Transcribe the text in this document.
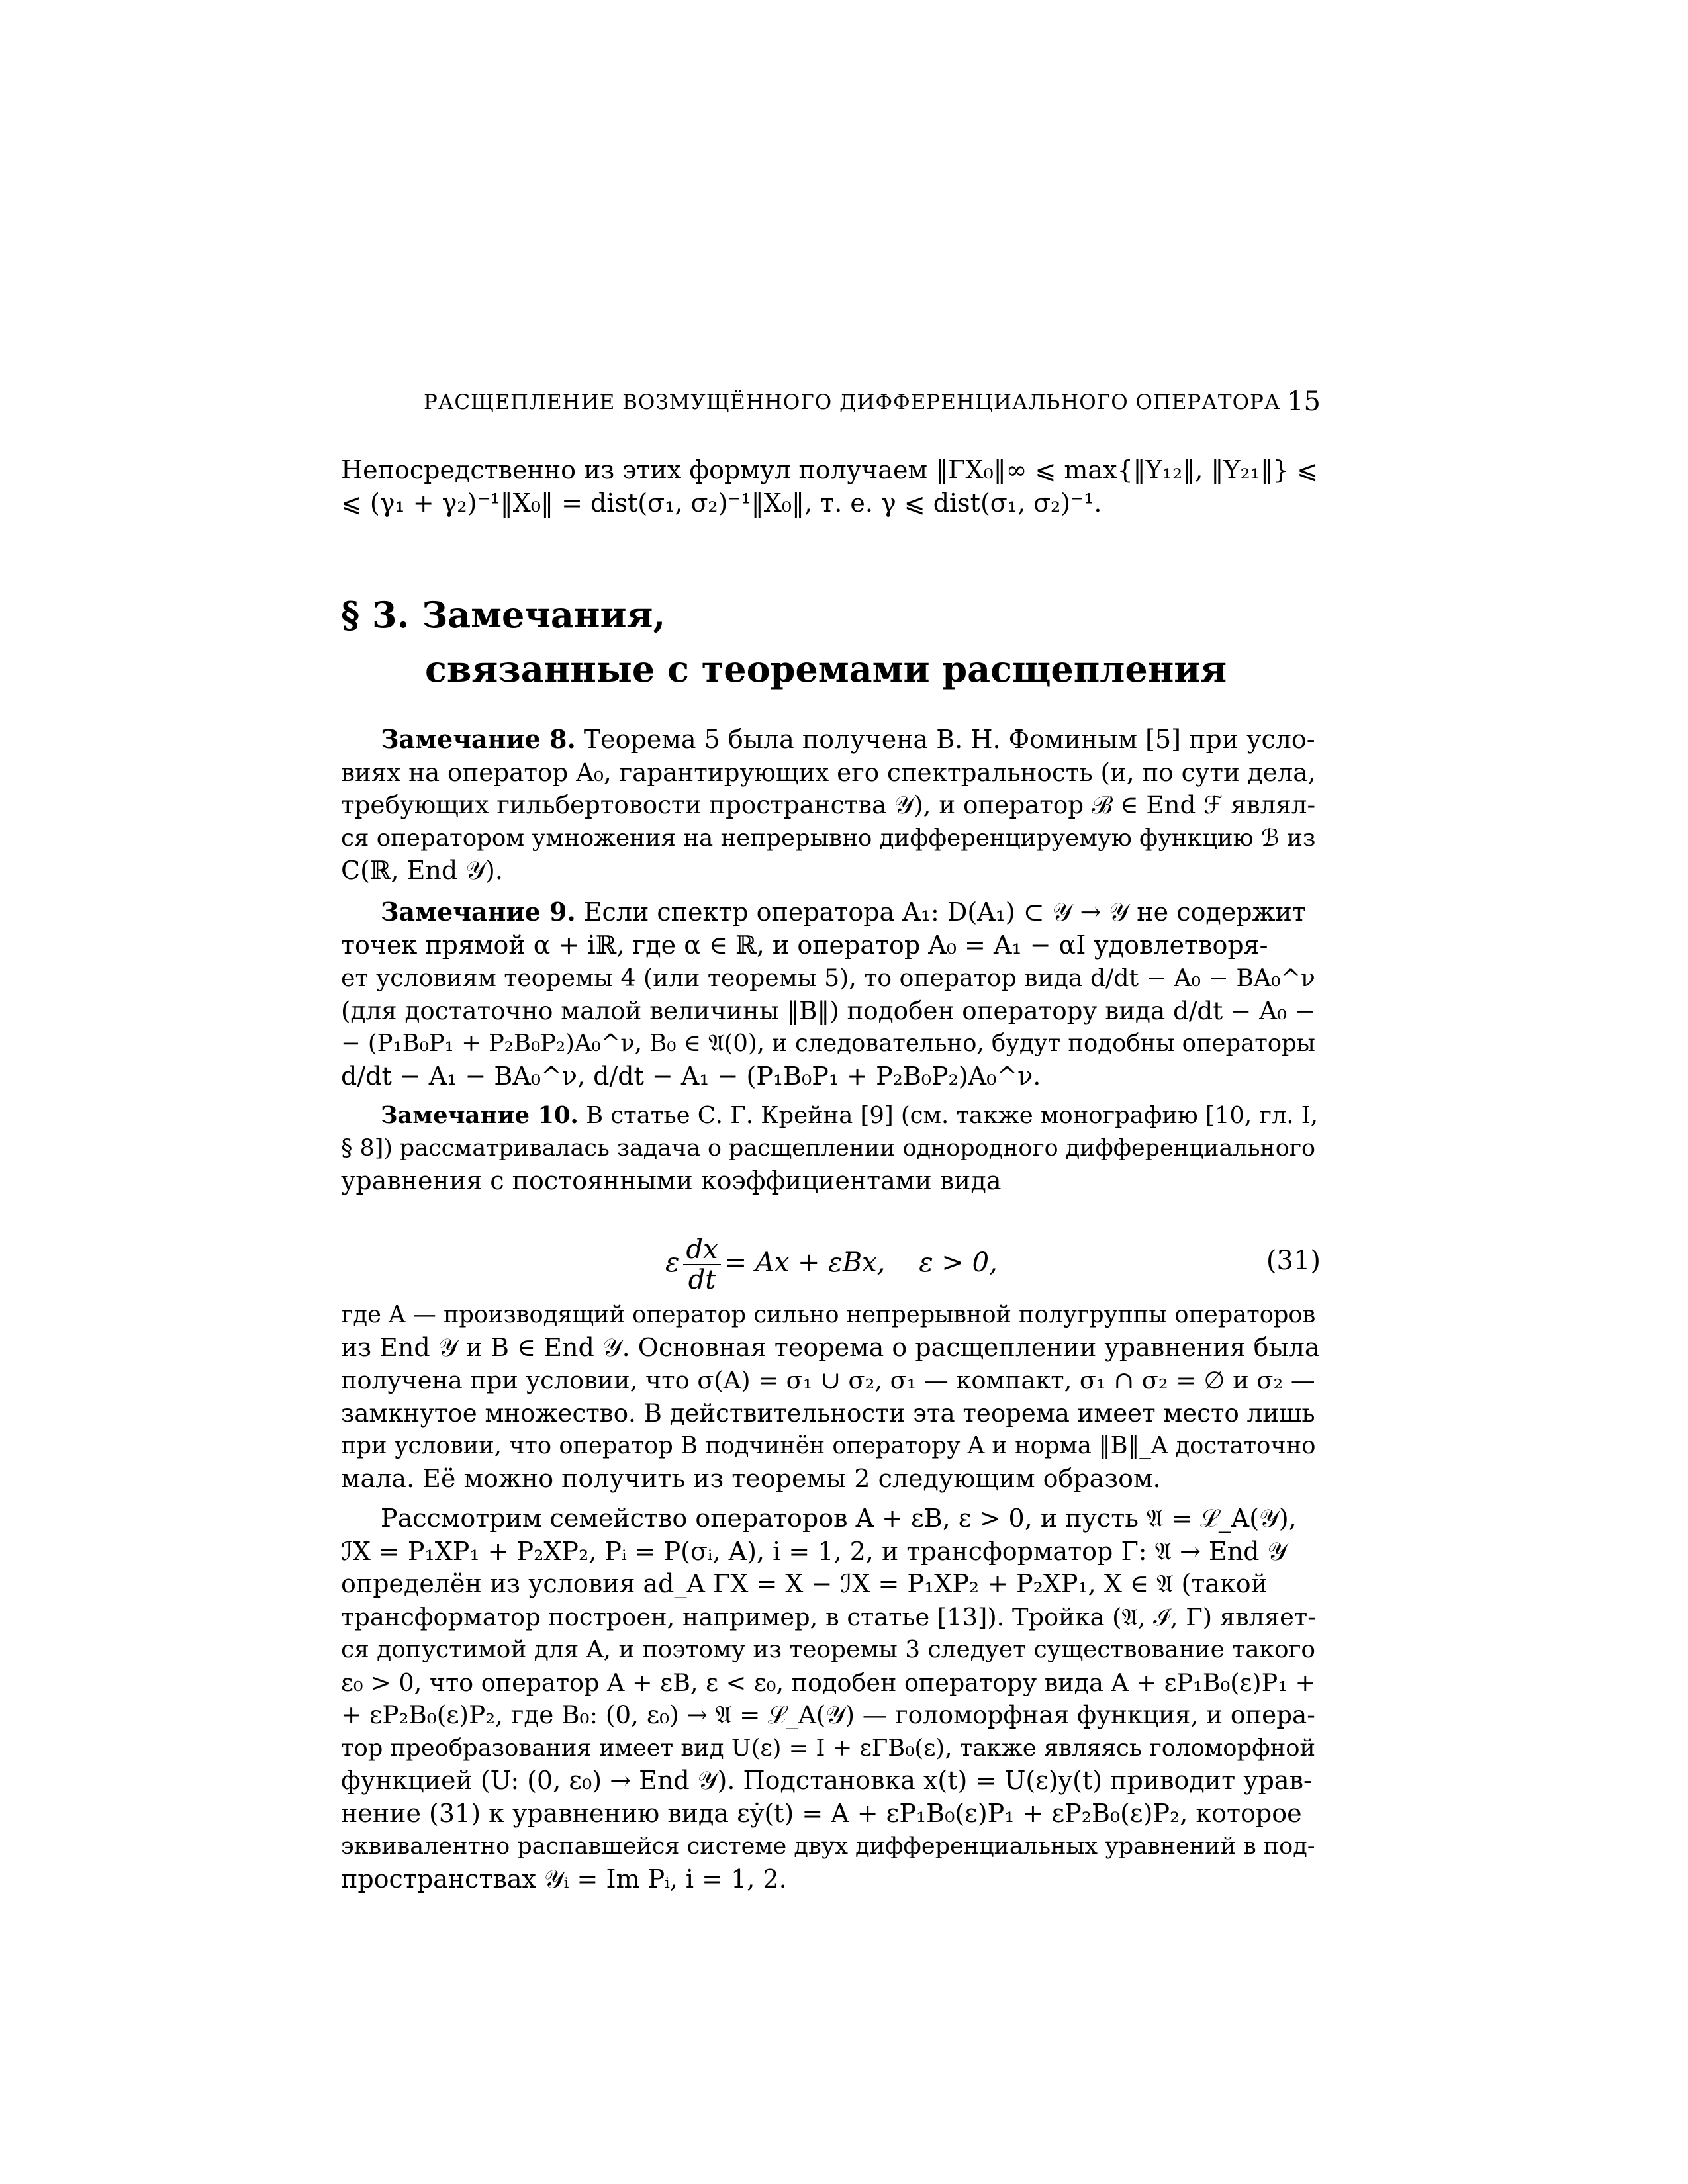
РАСЩЕПЛЕНИЕ ВОЗМУЩЁННОГО ДИФФЕРЕНЦИАЛЬНОГО ОПЕРАТОРА 15
Непосредственно из этих формул получаем ‖ΓX₀‖∞ ⩽ max{‖Y₁₂‖, ‖Y₂₁‖} ⩽
⩽ (γ₁ + γ₂)⁻¹‖X₀‖ = dist(σ₁, σ₂)⁻¹‖X₀‖, т. е. γ ⩽ dist(σ₁, σ₂)⁻¹.
§ 3. Замечания,
связанные с теоремами расщепления
Замечание 8. Теорема 5 была получена В. Н. Фоминым [5] при усло-
виях на оператор A₀, гарантирующих его спектральность (и, по сути дела,
требующих гильбертовости пространства 𝒴), и оператор ℬ ∈ End ℱ являл-
ся оператором умножения на непрерывно дифференцируемую функцию ℬ из
C(ℝ, End 𝒴).
Замечание 9. Если спектр оператора A₁: D(A₁) ⊂ 𝒴 → 𝒴 не содержит
точек прямой α + iℝ, где α ∈ ℝ, и оператор A₀ = A₁ − αI удовлетворя-
ет условиям теоремы 4 (или теоремы 5), то оператор вида d/dt − A₀ − BA₀^ν
(для достаточно малой величины ‖B‖) подобен оператору вида d/dt − A₀ −
− (P₁B₀P₁ + P₂B₀P₂)A₀^ν, B₀ ∈ 𝔄(0), и следовательно, будут подобны операторы
d/dt − A₁ − BA₀^ν, d/dt − A₁ − (P₁B₀P₁ + P₂B₀P₂)A₀^ν.
Замечание 10. В статье С. Г. Крейна [9] (см. также монографию [10, гл. I,
§ 8]) рассматривалась задача о расщеплении однородного дифференциального
уравнения с постоянными коэффициентами вида
ε $\frac{dx}{dt} = Ax + \varepsilon Bx$,    ε > 0,	(31)
где A — производящий оператор сильно непрерывной полугруппы операторов
из End 𝒴 и B ∈ End 𝒴. Основная теорема о расщеплении уравнения была
получена при условии, что σ(A) = σ₁ ∪ σ₂, σ₁ — компакт, σ₁ ∩ σ₂ = ∅ и σ₂ —
замкнутое множество. В действительности эта теорема имеет место лишь
при условии, что оператор B подчинён оператору A и норма ‖B‖_A достаточно
мала. Её можно получить из теоремы 2 следующим образом.
Рассмотрим семейство операторов A + εB, ε > 0, и пусть 𝔄 = ℒ_A(𝒴),
ℐX = P₁XP₁ + P₂XP₂, Pᵢ = P(σᵢ, A), i = 1, 2, и трансформатор Γ: 𝔄 → End 𝒴
определён из условия ad_A ΓX = X − ℐX = P₁XP₂ + P₂XP₁, X ∈ 𝔄 (такой
трансформатор построен, например, в статье [13]). Тройка (𝔄, ℐ, Γ) являет-
ся допустимой для A, и поэтому из теоремы 3 следует существование такого
ε₀ > 0, что оператор A + εB, ε < ε₀, подобен оператору вида A + εP₁B₀(ε)P₁ +
+ εP₂B₀(ε)P₂, где B₀: (0, ε₀) → 𝔄 = ℒ_A(𝒴) — голоморфная функция, и опера-
тор преобразования имеет вид U(ε) = I + εΓB₀(ε), также являясь голоморфной
функцией (U: (0, ε₀) → End 𝒴). Подстановка x(t) = U(ε)y(t) приводит урав-
нение (31) к уравнению вида εẏ(t) = A + εP₁B₀(ε)P₁ + εP₂B₀(ε)P₂, которое
эквивалентно распавшейся системе двух дифференциальных уравнений в под-
пространствах 𝒴ᵢ = Im Pᵢ, i = 1, 2.
